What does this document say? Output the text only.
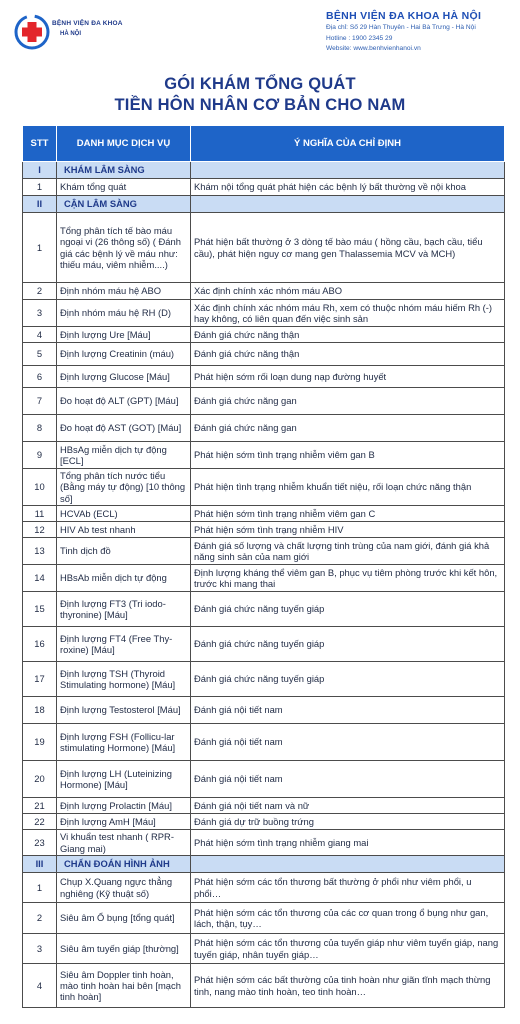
BỆNH VIỆN ĐA KHOA
HÀ NỘI
BỆNH VIỆN ĐA KHOA HÀ NỘI
Địa chỉ: Số 29 Hàn Thuyên - Hai Bà Trưng - Hà Nội
Hotline : 1900 2345 29
Website: www.benhvienhanoi.vn
GÓI KHÁM TỔNG QUÁT
TIỀN HÔN NHÂN CƠ BẢN CHO NAM
STT	DANH MỤC DỊCH VỤ	Ý NGHĨA CỦA CHỈ ĐỊNH
I	KHÁM LÂM SÀNG	
1	Khám tổng quát	Khám nội tổng quát phát hiện các bệnh lý bất thường về nội khoa
II	CẬN LÂM SÀNG	
1	Tổng phân tích tế bào máu ngoại vi (26 thông số) ( Đánh giá các bệnh lý về máu như: thiếu máu, viêm nhiễm....)	Phát hiện bất thường ở 3 dòng tế bào máu ( hồng cầu, bạch cầu, tiểu cầu), phát hiện nguy cơ mang gen Thalassemia MCV và MCH)
2	Định nhóm máu hệ ABO	Xác định chính xác nhóm máu ABO
3	Định nhóm máu hệ RH (D)	Xác định chính xác nhóm máu Rh, xem có thuộc nhóm máu hiếm Rh (-) hay không, có liên quan đến việc sinh sản
4	Định lượng Ure [Máu]	Đánh giá chức năng thận
5	Định lượng Creatinin (máu)	Đánh giá chức năng thận
6	Định lượng Glucose [Máu]	Phát hiện sớm rối loạn dung nạp đường huyết
7	Đo hoạt độ ALT (GPT) [Máu]	Đánh giá chức năng gan
8	Đo hoạt độ AST (GOT) [Máu]	Đánh giá chức năng gan
9	HBsAg miễn dịch tự động [ECL]	Phát hiện sớm tình trạng nhiễm viêm gan B
10	Tổng phân tích nước tiểu (Bằng máy tự động) [10 thông số]	Phát hiện tình trạng nhiễm khuẩn tiết niệu, rối loạn chức năng thận
11	HCVAb (ECL)	Phát hiện sớm tình trạng nhiễm viêm gan C
12	HIV Ab test nhanh	Phát hiện sớm tình trạng nhiễm HIV
13	Tinh dịch đồ	Đánh giá số lượng và chất lượng tinh trùng của nam giới, đánh giá khả năng sinh sản của nam giới
14	HBsAb miễn dịch tự động	Định lượng kháng thể viêm gan B, phục vụ tiêm phòng trước khi kết hôn, trước khi mang thai
15	Định lượng FT3 (Tri iodo-thyronine) [Máu]	Đánh giá chức năng tuyến giáp
16	Định lượng FT4 (Free Thy-roxine) [Máu]	Đánh giá chức năng tuyến giáp
17	Định lượng TSH (Thyroid Stimulating hormone) [Máu]	Đánh giá chức năng tuyến giáp
18	Định lượng Testosterol [Máu]	Đánh giá nội tiết nam
19	Định lượng FSH (Follicu-lar stimulating Hormone) [Máu]	Đánh giá nội tiết nam
20	Định lượng LH (Luteinizing Hormone) [Máu]	Đánh giá nội tiết nam
21	Định lượng Prolactin [Máu]	Đánh giá nội tiết nam và nữ
22	Định lượng AmH [Máu]	Đánh giá dự trữ buồng trứng
23	Vi khuẩn test nhanh ( RPR-Giang mai)	Phát hiện sớm tình trạng nhiễm giang mai
III	CHẨN ĐOÁN HÌNH ẢNH	
1	Chụp X.Quang ngực thẳng nghiêng (Kỹ thuật số)	Phát hiện sớm các tổn thương bất thường ở phổi như viêm phổi, u phổi…
2	Siêu âm Ổ bụng [tổng quát]	Phát hiện sớm các tổn thương của các cơ quan trong ổ bụng như gan, lách, thận, tụy…
3	Siêu âm tuyến giáp [thường]	Phát hiện sớm các tổn thương của tuyến giáp như viêm tuyến giáp, nang tuyến giáp, nhân tuyến giáp…
4	Siêu âm Doppler tinh hoàn, mào tinh hoàn hai bên [mạch tinh hoàn]	Phát hiện sớm các bất thường của tinh hoàn như giãn tĩnh mạch thừng tinh, nang mào tinh hoàn, teo tinh hoàn…
